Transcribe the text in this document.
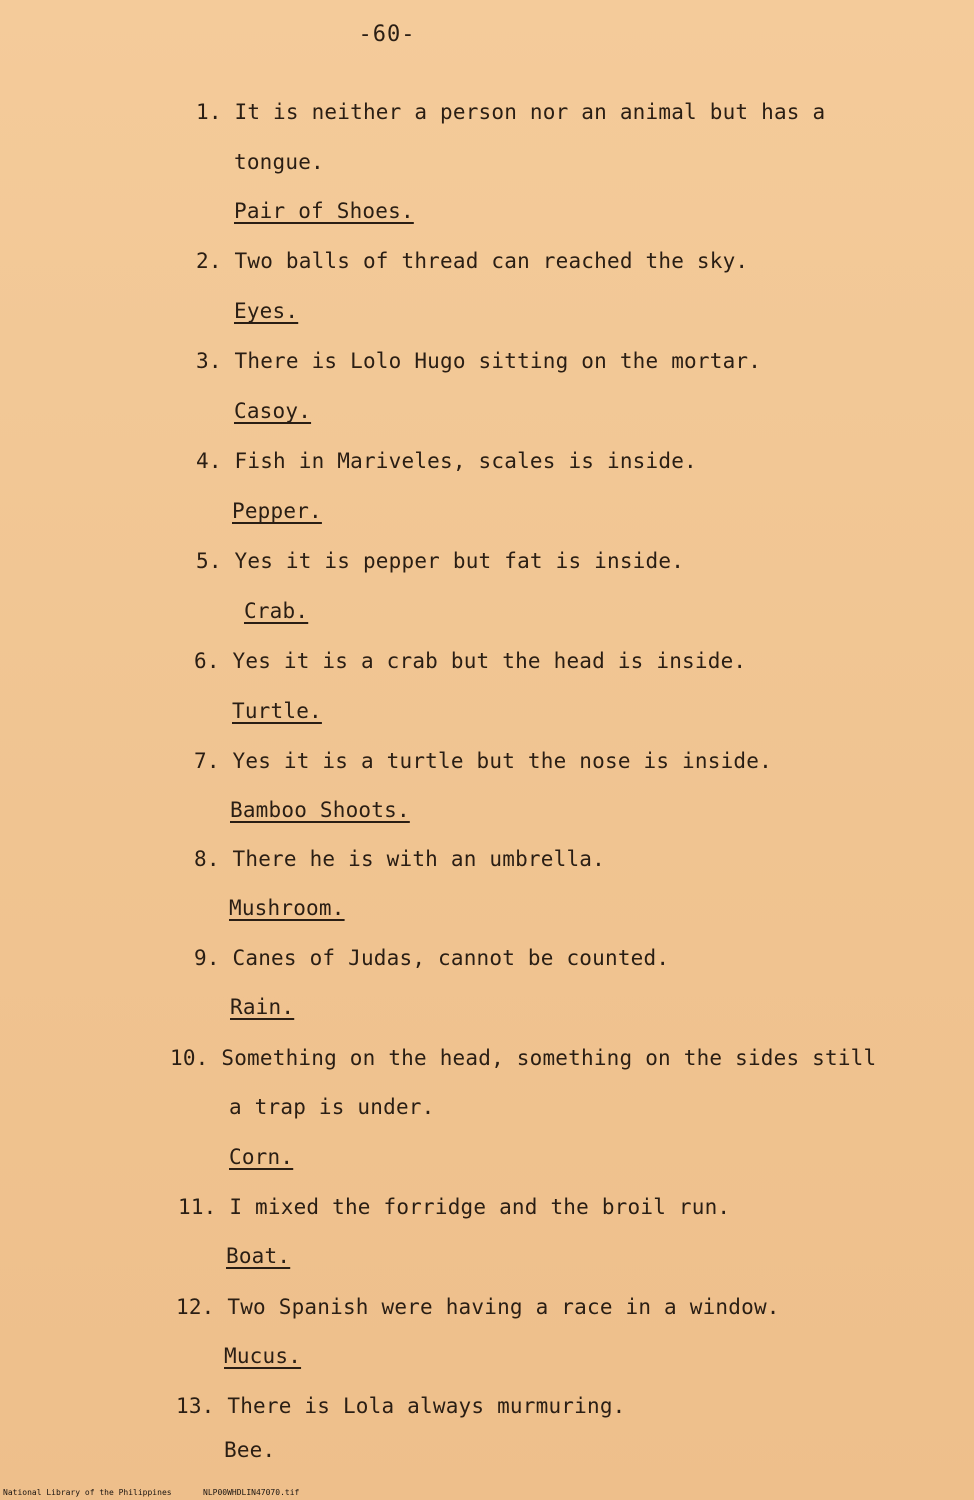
-60-
1. It is neither a person nor an animal but has a
tongue.
Pair of Shoes.
2. Two balls of thread can reached the sky.
Eyes.
3. There is Lolo Hugo sitting on the mortar.
Casoy.
4. Fish in Mariveles, scales is inside.
Pepper.
5. Yes it is pepper but fat is inside.
Crab.
6. Yes it is a crab but the head is inside.
Turtle.
7. Yes it is a turtle but the nose is inside.
Bamboo Shoots.
8. There he is with an umbrella.
Mushroom.
9. Canes of Judas, cannot be counted.
Rain.
10. Something on the head, something on the sides still
a trap is under.
Corn.
11. I mixed the forridge and the broil run.
Boat.
12. Two Spanish were having a race in a window.
Mucus.
13. There is Lola always murmuring.
Bee.
National Library of the Philippines	NLP00WHDLIN47070.tif
